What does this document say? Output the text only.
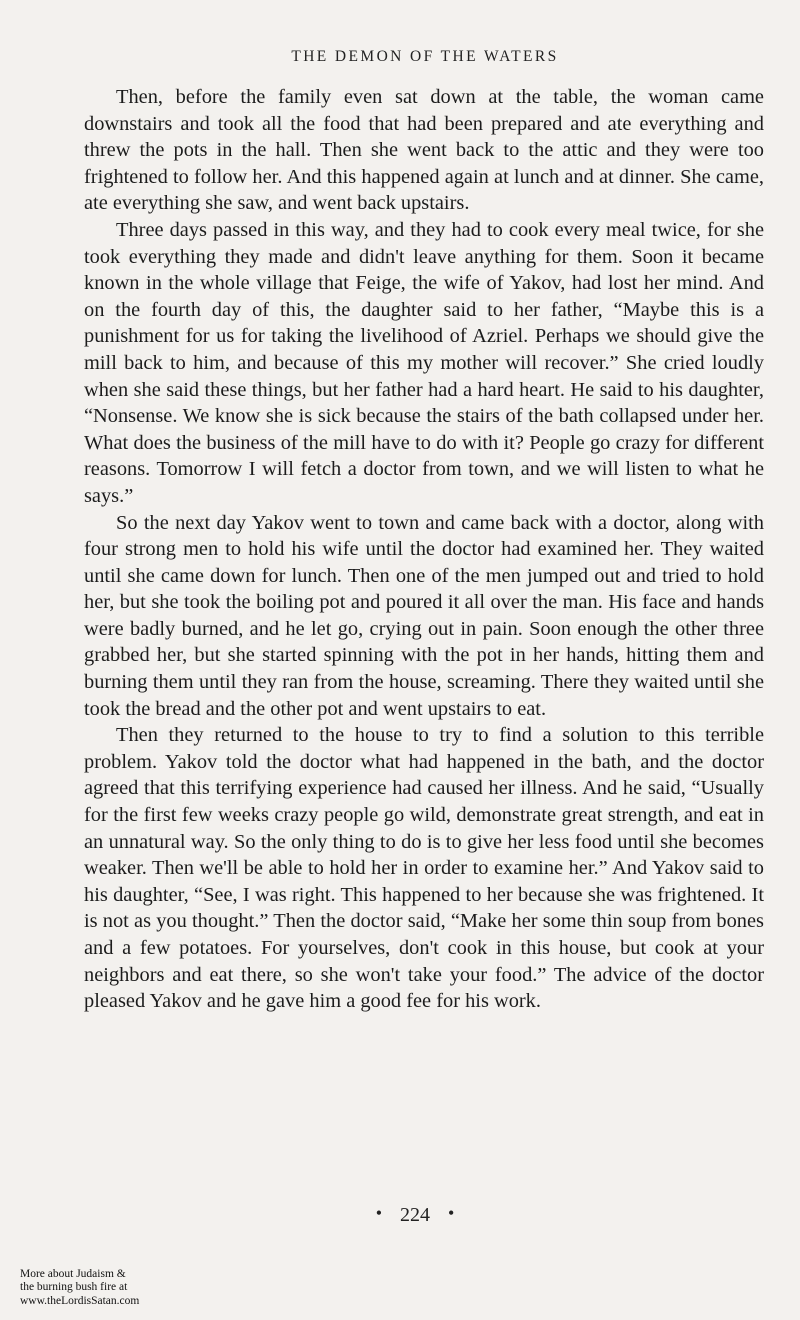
THE DEMON OF THE WATERS

Then, before the family even sat down at the table, the woman came downstairs and took all the food that had been prepared and ate everything and threw the pots in the hall. Then she went back to the attic and they were too frightened to follow her. And this happened again at lunch and at dinner. She came, ate everything she saw, and went back upstairs.

Three days passed in this way, and they had to cook every meal twice, for she took everything they made and didn't leave anything for them. Soon it became known in the whole village that Feige, the wife of Yakov, had lost her mind. And on the fourth day of this, the daughter said to her father, “Maybe this is a punishment for us for taking the livelihood of Azriel. Perhaps we should give the mill back to him, and because of this my mother will recover.” She cried loudly when she said these things, but her father had a hard heart. He said to his daughter, “Nonsense. We know she is sick because the stairs of the bath collapsed under her. What does the business of the mill have to do with it? People go crazy for different reasons. Tomorrow I will fetch a doctor from town, and we will listen to what he says.”

So the next day Yakov went to town and came back with a doctor, along with four strong men to hold his wife until the doctor had examined her. They waited until she came down for lunch. Then one of the men jumped out and tried to hold her, but she took the boiling pot and poured it all over the man. His face and hands were badly burned, and he let go, crying out in pain. Soon enough the other three grabbed her, but she started spinning with the pot in her hands, hitting them and burning them until they ran from the house, screaming. There they waited until she took the bread and the other pot and went upstairs to eat.

Then they returned to the house to try to find a solution to this terrible problem. Yakov told the doctor what had happened in the bath, and the doctor agreed that this terrifying experience had caused her illness. And he said, “Usually for the first few weeks crazy people go wild, demonstrate great strength, and eat in an unnatural way. So the only thing to do is to give her less food until she becomes weaker. Then we'll be able to hold her in order to examine her.” And Yakov said to his daughter, “See, I was right. This happened to her because she was frightened. It is not as you thought.” Then the doctor said, “Make her some thin soup from bones and a few potatoes. For yourselves, don't cook in this house, but cook at your neighbors and eat there, so she won't take your food.” The advice of the doctor pleased Yakov and he gave him a good fee for his work.

• 224 •
More about Judaism &
the burning bush fire at
www.theLordisSatan.com
